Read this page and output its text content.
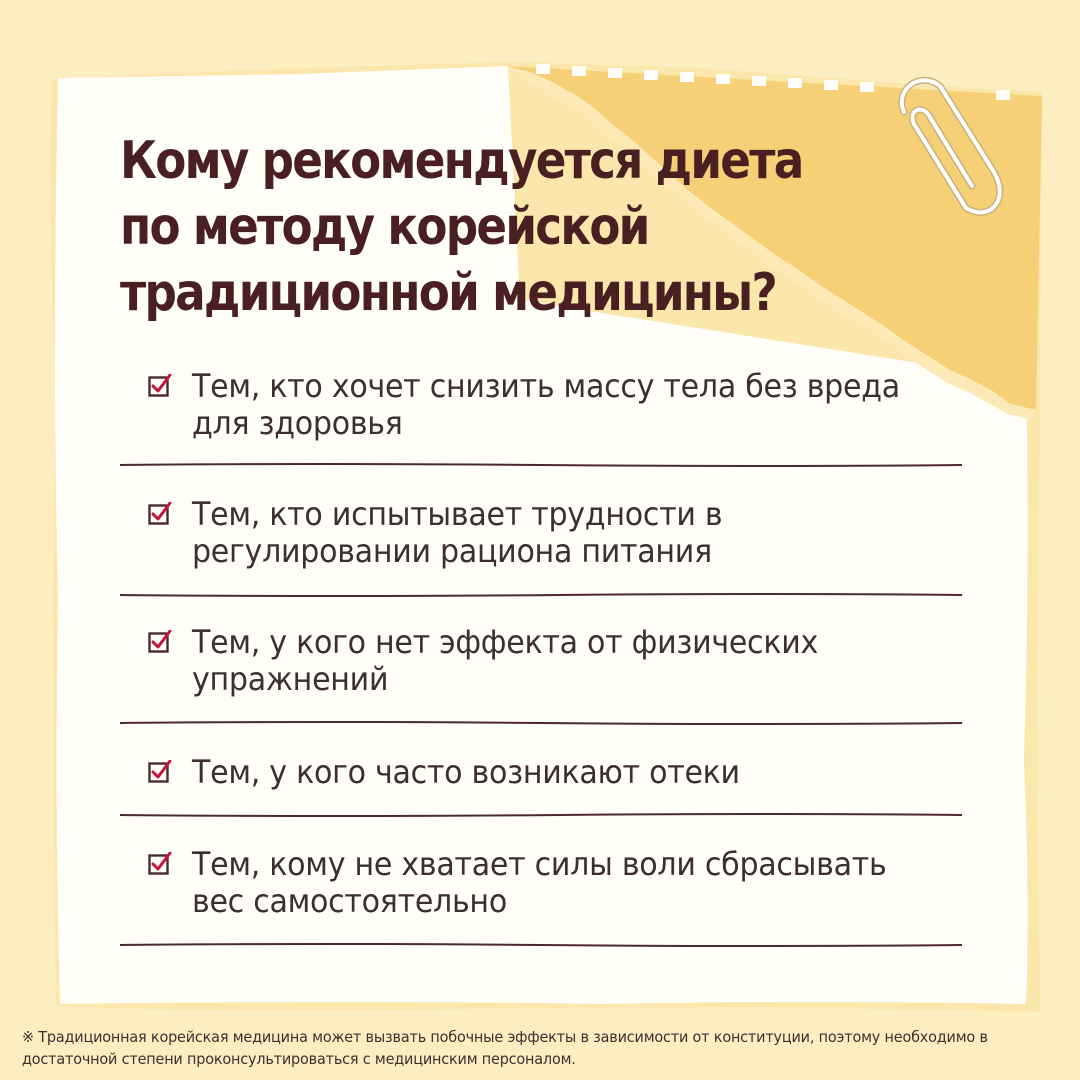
Кому рекомендуется диета по методу корейской традиционной медицины?
Тем, кто хочет снизить массу тела без вреда для здоровья
Тем, кто испытывает трудности в регулировании рациона питания
Тем, у кого нет эффекта от физических упражнений
Тем, у кого часто возникают отеки
Тем, кому не хватает силы воли сбрасывать вес самостоятельно

※ Традиционная корейская медицина может вызвать побочные эффекты в зависимости от конституции, поэтому необходимо в достаточной степени проконсультироваться с медицинским персоналом.
